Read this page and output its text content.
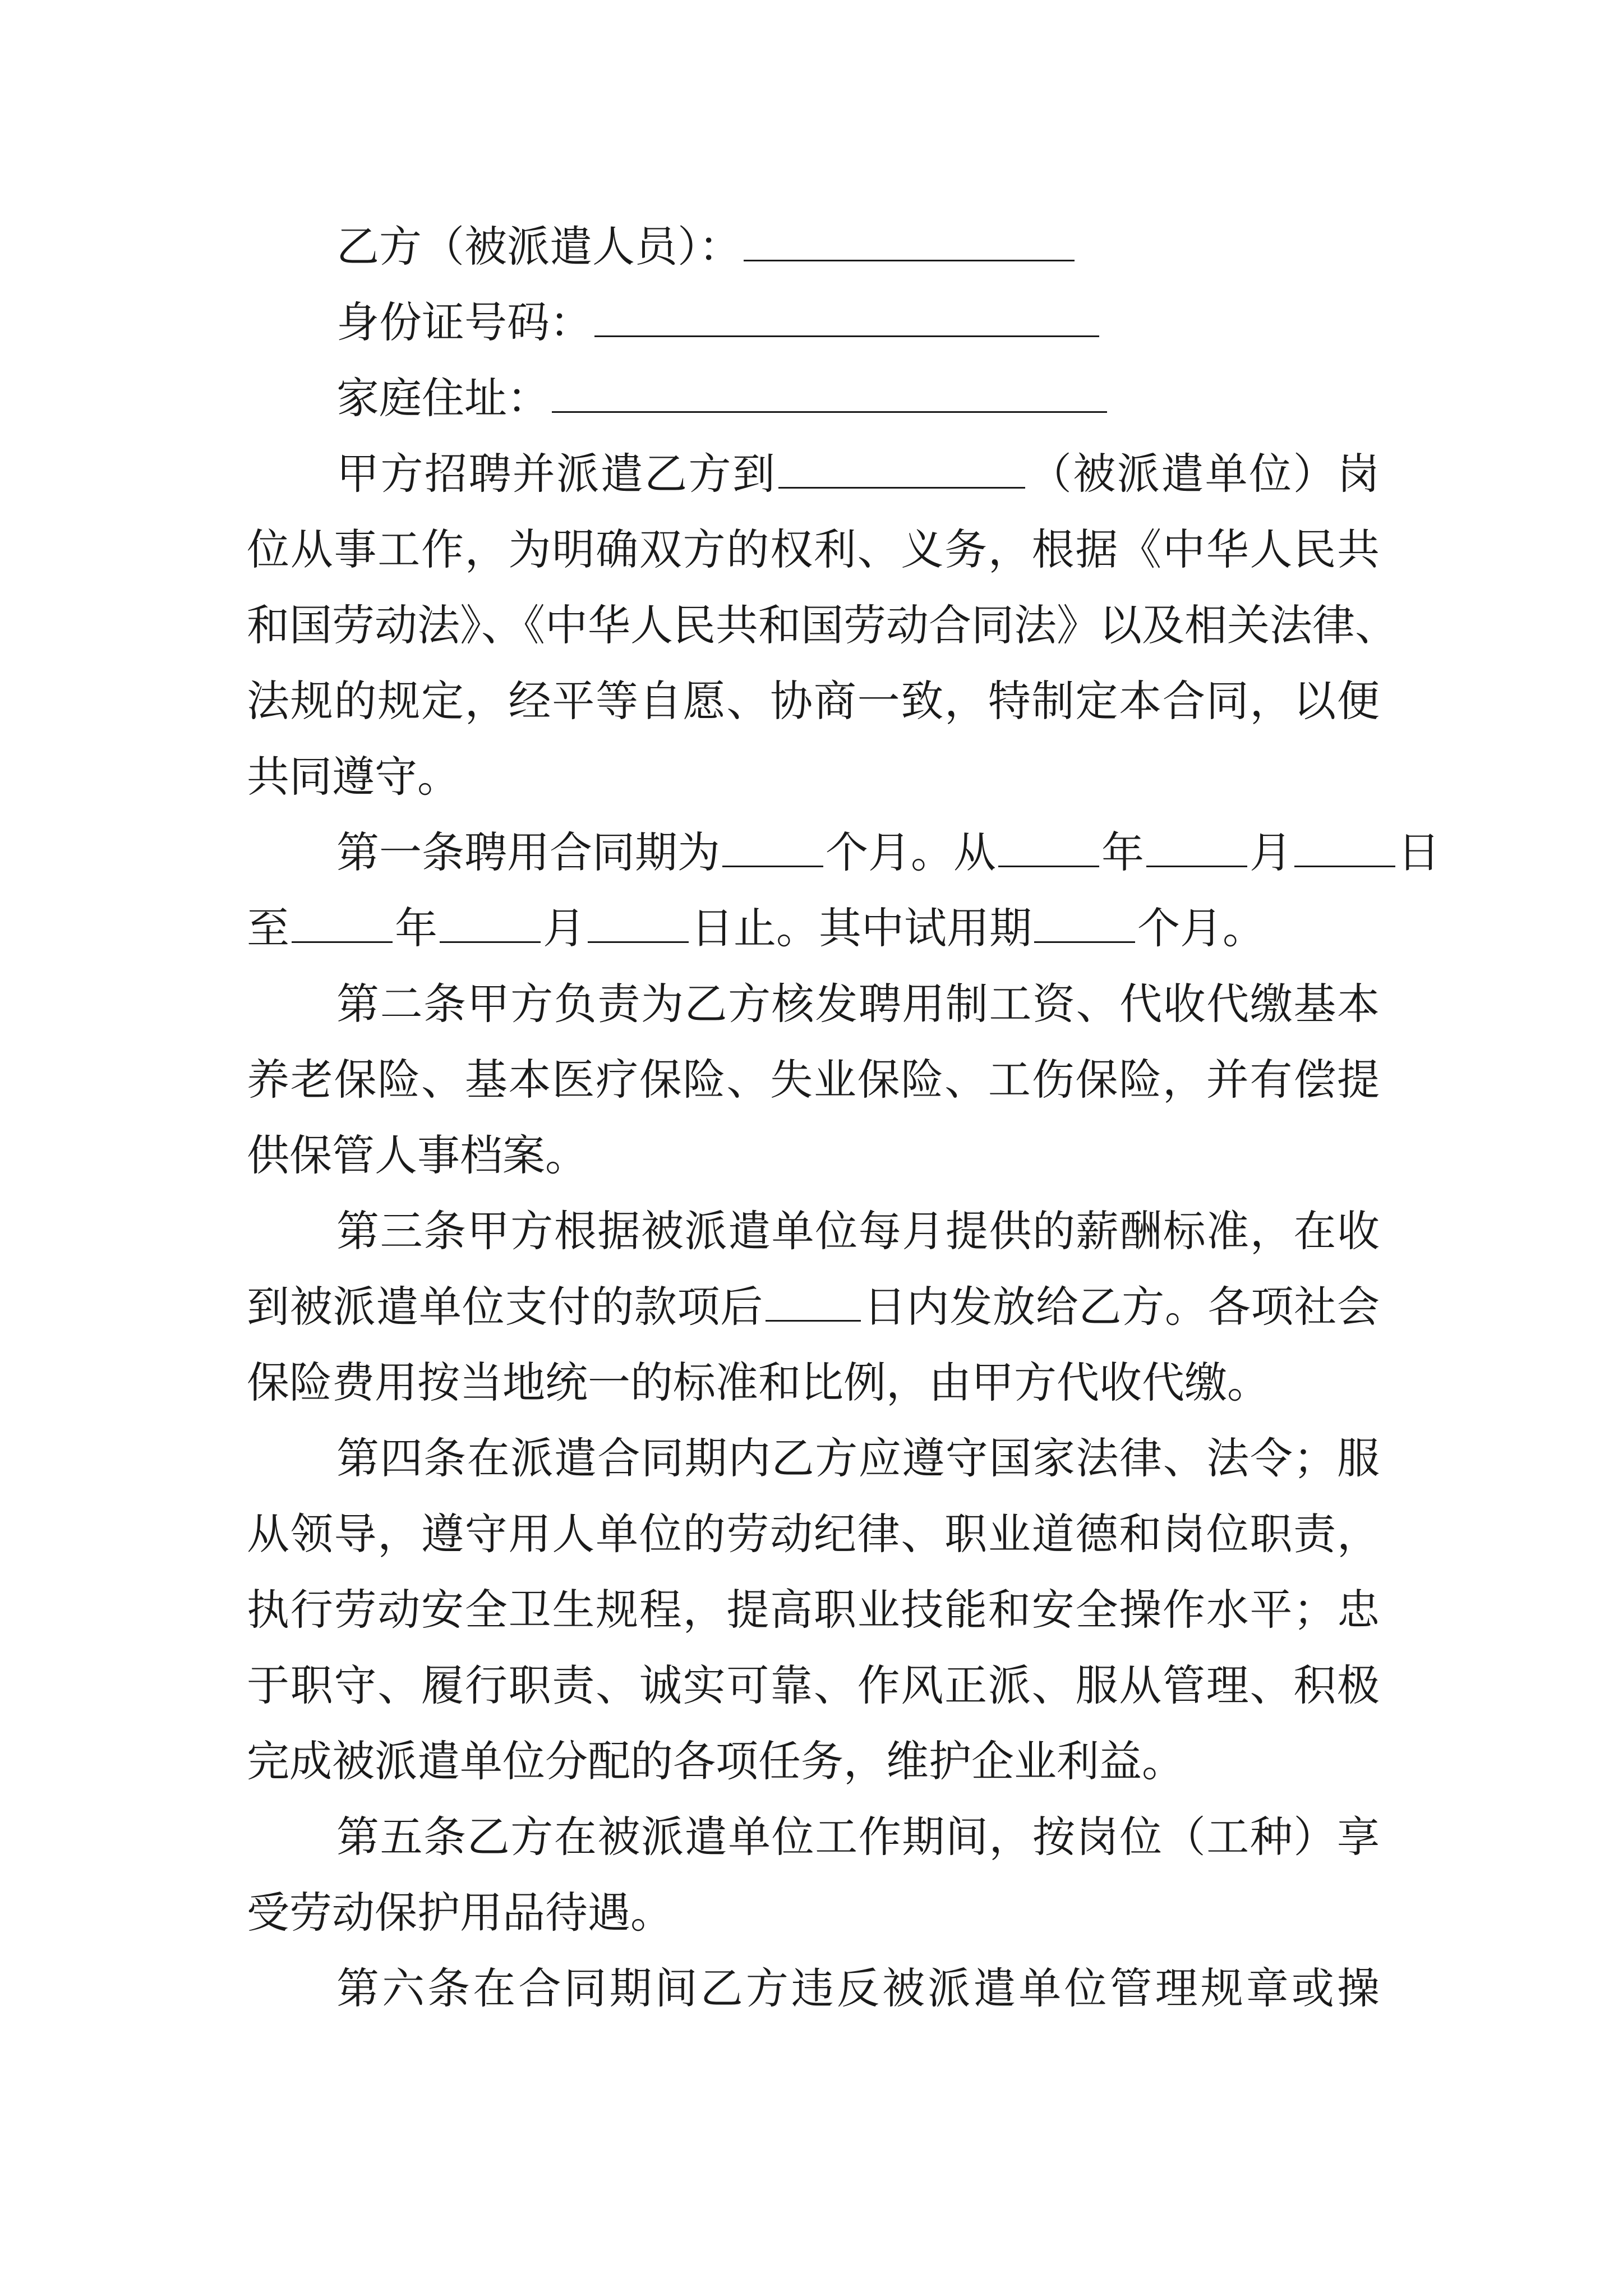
乙方（被派遣人员）：
身份证号码：
家庭住址：
甲方招聘并派遣乙方到	（被派遣单位）岗
位从事工作，为明确双方的权利、义务，根据《中华人民共
和国劳动法》、《中华人民共和国劳动合同法》以及相关法律、
法规的规定，经平等自愿、协商一致，特制定本合同，以便
共同遵守。
第一条聘用合同期为 个月。从 年 月 日
至 年 月 日止。其中试用期 个月。
第二条甲方负责为乙方核发聘用制工资、代收代缴基本
养老保险、基本医疗保险、失业保险、工伤保险，并有偿提
供保管人事档案。
第三条甲方根据被派遣单位每月提供的薪酬标准，在收
到被派遣单位支付的款项后 日内发放给乙方。各项社会
保险费用按当地统一的标准和比例，由甲方代收代缴。
第四条在派遣合同期内乙方应遵守国家法律、法令；服
从领导，遵守用人单位的劳动纪律、职业道德和岗位职责，
执行劳动安全卫生规程，提高职业技能和安全操作水平；忠
于职守、履行职责、诚实可靠、作风正派、服从管理、积极
完成被派遣单位分配的各项任务，维护企业利益。
第五条乙方在被派遣单位工作期间，按岗位（工种）享
受劳动保护用品待遇。
第六条在合同期间乙方违反被派遣单位管理规章或操
